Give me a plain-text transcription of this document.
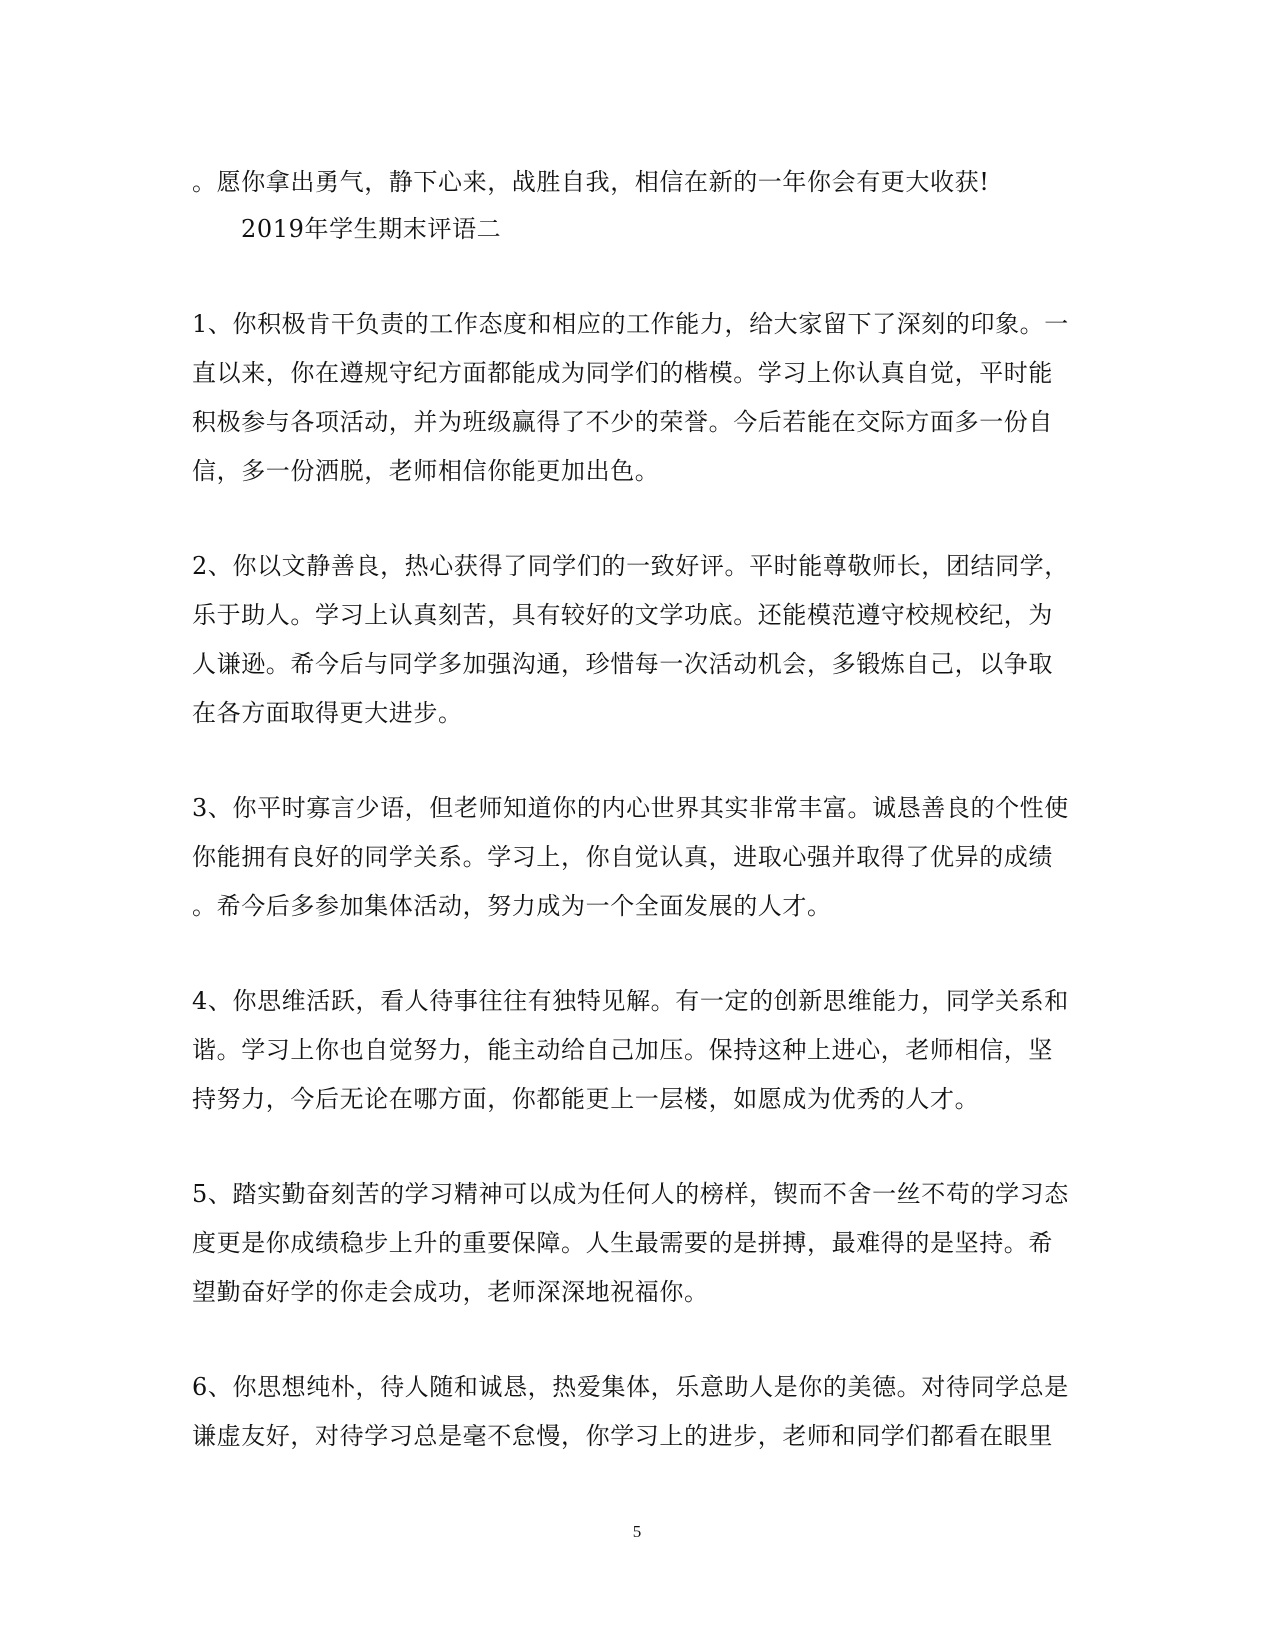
。愿你拿出勇气，静下心来，战胜自我，相信在新的一年你会有更大收获!
2019年学生期末评语二
1、你积极肯干负责的工作态度和相应的工作能力，给大家留下了深刻的印象。一
直以来，你在遵规守纪方面都能成为同学们的楷模。学习上你认真自觉，平时能
积极参与各项活动，并为班级赢得了不少的荣誉。今后若能在交际方面多一份自
信，多一份洒脱，老师相信你能更加出色。
2、你以文静善良，热心获得了同学们的一致好评。平时能尊敬师长，团结同学，
乐于助人。学习上认真刻苦，具有较好的文学功底。还能模范遵守校规校纪，为
人谦逊。希今后与同学多加强沟通，珍惜每一次活动机会，多锻炼自己，以争取
在各方面取得更大进步。
3、你平时寡言少语，但老师知道你的内心世界其实非常丰富。诚恳善良的个性使
你能拥有良好的同学关系。学习上，你自觉认真，进取心强并取得了优异的成绩
。希今后多参加集体活动，努力成为一个全面发展的人才。
4、你思维活跃，看人待事往往有独特见解。有一定的创新思维能力，同学关系和
谐。学习上你也自觉努力，能主动给自己加压。保持这种上进心，老师相信，坚
持努力，今后无论在哪方面，你都能更上一层楼，如愿成为优秀的人才。
5、踏实勤奋刻苦的学习精神可以成为任何人的榜样，锲而不舍一丝不苟的学习态
度更是你成绩稳步上升的重要保障。人生最需要的是拼搏，最难得的是坚持。希
望勤奋好学的你走会成功，老师深深地祝福你。
6、你思想纯朴，待人随和诚恳，热爱集体，乐意助人是你的美德。对待同学总是
谦虚友好，对待学习总是毫不怠慢，你学习上的进步，老师和同学们都看在眼里
5
